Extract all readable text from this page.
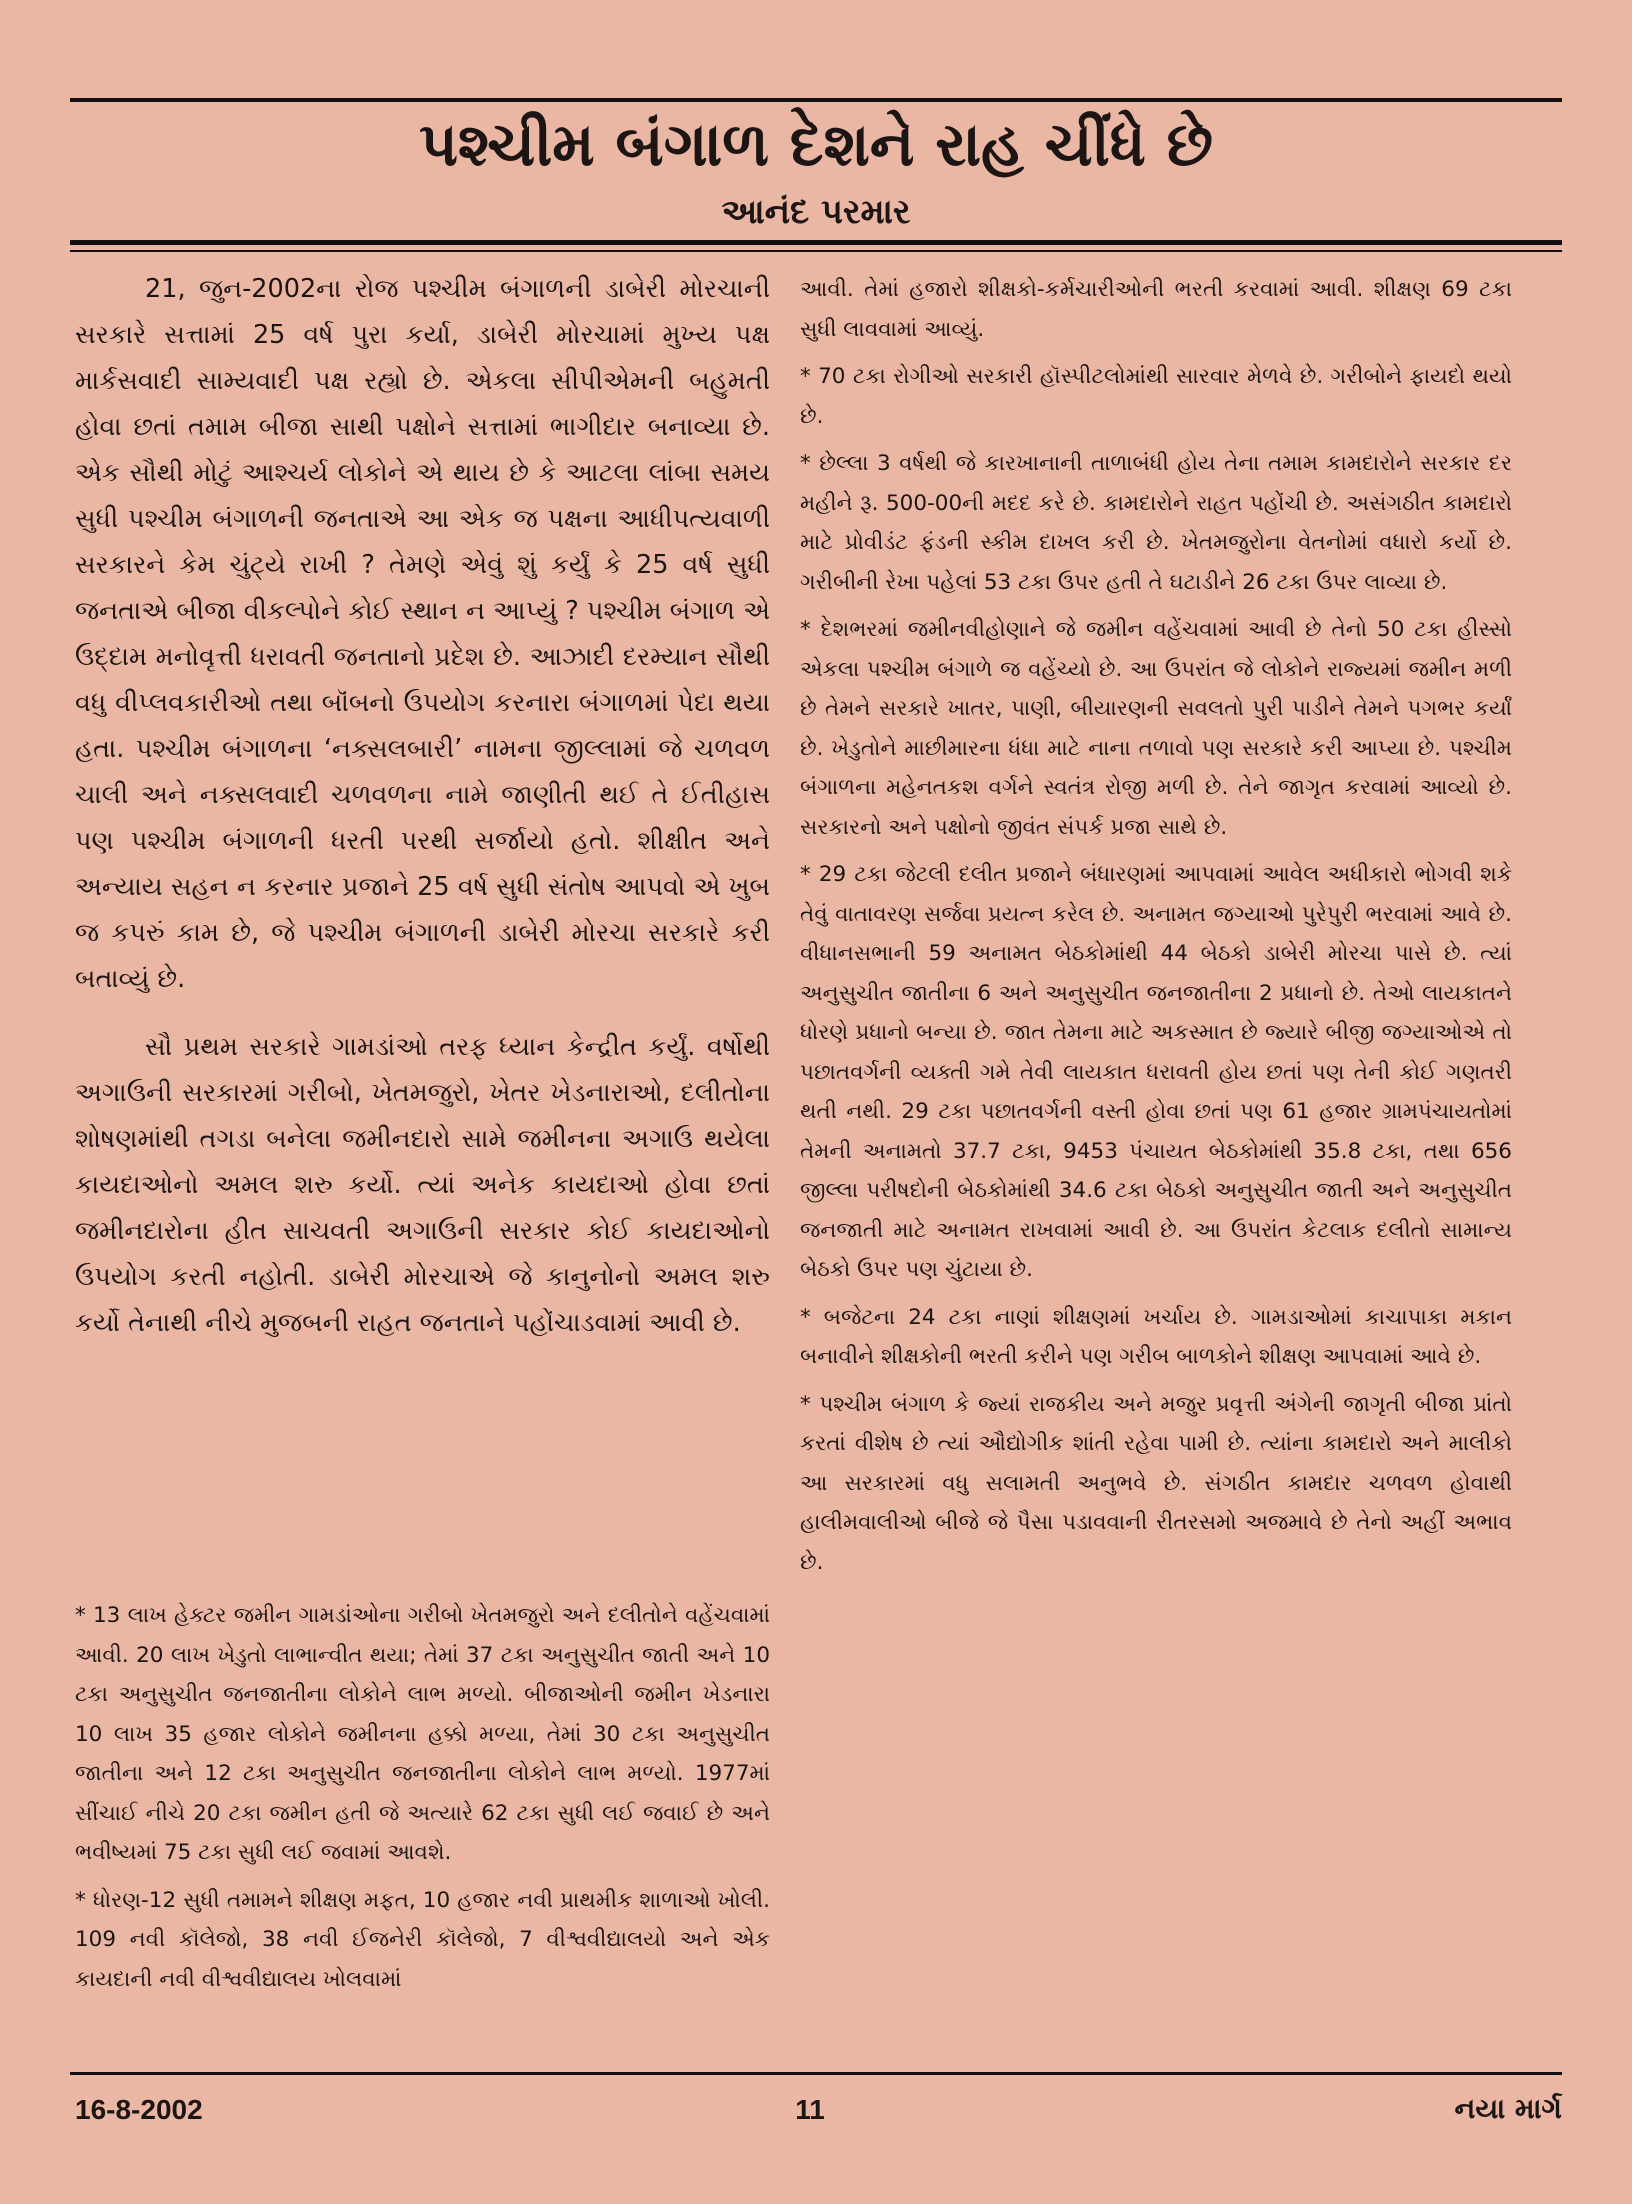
પશ્ચીમ બંગાળ દેશને રાહ ચીંધે છે
આનંદ પરમાર

21, જુન-2002ના રોજ પશ્ચીમ બંગાળની ડાબેરી મોરચાની સરકારે સત્તામાં 25 વર્ષ પુરા કર્યા, ડાબેરી મોરચામાં મુખ્ય પક્ષ માર્કસવાદી સામ્યવાદી પક્ષ રહ્યો છે. એકલા સીપીએમની બહુમતી હોવા છતાં તમામ બીજા સાથી પક્ષોને સત્તામાં ભાગીદાર બનાવ્યા છે. એક સૌથી મોટું આશ્ચર્ય લોકોને એ થાય છે કે આટલા લાંબા સમય સુધી પશ્ચીમ બંગાળની જનતાએ આ એક જ પક્ષના આધીપત્યવાળી સરકારને કેમ ચુંટ્યે રાખી ? તેમણે એવું શું કર્યું કે 25 વર્ષ સુધી જનતાએ બીજા વીકલ્પોને કોઈ સ્થાન ન આપ્યું ? પશ્ચીમ બંગાળ એ ઉદ્દામ મનોવૃત્તી ધરાવતી જનતાનો પ્રદેશ છે. આઝાદી દરમ્યાન સૌથી વધુ વીપ્લવકારીઓ તથા બૉંબનો ઉપયોગ કરનારા બંગાળમાં પેદા થયા હતા. પશ્ચીમ બંગાળના ‘નક્સલબારી’ નામના જીલ્લામાં જે ચળવળ ચાલી અને નક્સલવાદી ચળવળના નામે જાણીતી થઈ તે ઈતીહાસ પણ પશ્ચીમ બંગાળની ધરતી પરથી સર્જાયો હતો. શીક્ષીત અને અન્યાય સહન ન કરનાર પ્રજાને 25 વર્ષ સુધી સંતોષ આપવો એ ખુબ જ કપરું કામ છે, જે પશ્ચીમ બંગાળની ડાબેરી મોરચા સરકારે કરી બતાવ્યું છે.

સૌ પ્રથમ સરકારે ગામડાંઓ તરફ ધ્યાન કેન્દ્રીત કર્યું. વર્ષોથી અગાઉની સરકારમાં ગરીબો, ખેતમજુરો, ખેતર ખેડનારાઓ, દલીતોના શોષણમાંથી તગડા બનેલા જમીનદારો સામે જમીનના અગાઉ થયેલા કાયદાઓનો અમલ શરુ કર્યો. ત્યાં અનેક કાયદાઓ હોવા છતાં જમીનદારોના હીત સાચવતી અગાઉની સરકાર કોઈ કાયદાઓનો ઉપયોગ કરતી નહોતી. ડાબેરી મોરચાએ જે કાનુનોનો અમલ શરુ કર્યો તેનાથી નીચે મુજબની રાહત જનતાને પહોંચાડવામાં આવી છે.

* 13 લાખ હેક્ટર જમીન ગામડાંઓના ગરીબો ખેતમજુરો અને દલીતોને વહેંચવામાં આવી. 20 લાખ ખેડુતો લાભાન્વીત થયા; તેમાં 37 ટકા અનુસુચીત જાતી અને 10 ટકા અનુસુચીત જનજાતીના લોકોને લાભ મળ્યો. બીજાઓની જમીન ખેડનારા 10 લાખ 35 હજાર લોકોને જમીનના હક્કો મળ્યા, તેમાં 30 ટકા અનુસુચીત જાતીના અને 12 ટકા અનુસુચીત જનજાતીના લોકોને લાભ મળ્યો. 1977માં સીંચાઈ નીચે 20 ટકા જમીન હતી જે અત્યારે 62 ટકા સુધી લઈ જવાઈ છે અને ભવીષ્યમાં 75 ટકા સુધી લઈ જવામાં આવશે.

* ધોરણ-12 સુધી તમામને શીક્ષણ મફત, 10 હજાર નવી પ્રાથમીક શાળાઓ ખોલી. 109 નવી કૉલેજો, 38 નવી ઈજનેરી કૉલેજો, 7 વીશ્વવીદ્યાલયો અને એક કાયદાની નવી વીશ્વવીદ્યાલય ખોલવામાં

આવી. તેમાં હજારો શીક્ષકો-કર્મચારીઓની ભરતી કરવામાં આવી. શીક્ષણ 69 ટકા સુધી લાવવામાં આવ્યું.

* 70 ટકા રોગીઓ સરકારી હૉસ્પીટલોમાંથી સારવાર મેળવે છે. ગરીબોને ફાયદો થયો છે.

* છેલ્લા 3 વર્ષથી જે કારખાનાની તાળાબંધી હોય તેના તમામ કામદારોને સરકાર દર મહીને રૂ. 500-00ની મદદ કરે છે. કામદારોને રાહત પહોંચી છે. અસંગઠીત કામદારો માટે પ્રોવીડંટ ફંડની સ્કીમ દાખલ કરી છે. ખેતમજુરોના વેતનોમાં વધારો કર્યો છે. ગરીબીની રેખા પહેલાં 53 ટકા ઉપર હતી તે ઘટાડીને 26 ટકા ઉપર લાવ્યા છે.

* દેશભરમાં જમીનવીહોણાને જે જમીન વહેંચવામાં આવી છે તેનો 50 ટકા હીસ્સો એકલા પશ્ચીમ બંગાળે જ વહેંચ્યો છે. આ ઉપરાંત જે લોકોને રાજ્યમાં જમીન મળી છે તેમને સરકારે ખાતર, પાણી, બીયારણની સવલતો પુરી પાડીને તેમને પગભર કર્યાં છે. ખેડુતોને માછીમારના ધંધા માટે નાના તળાવો પણ સરકારે કરી આપ્યા છે. પશ્ચીમ બંગાળના મહેનતકશ વર્ગને સ્વતંત્ર રોજી મળી છે. તેને જાગૃત કરવામાં આવ્યો છે. સરકારનો અને પક્ષોનો જીવંત સંપર્ક પ્રજા સાથે છે.

* 29 ટકા જેટલી દલીત પ્રજાને બંધારણમાં આપવામાં આવેલ અધીકારો ભોગવી શકે તેવું વાતાવરણ સર્જવા પ્રયત્ન કરેલ છે. અનામત જગ્યાઓ પુરેપુરી ભરવામાં આવે છે. વીધાનસભાની 59 અનામત બેઠકોમાંથી 44 બેઠકો ડાબેરી મોરચા પાસે છે. ત્યાં અનુસુચીત જાતીના 6 અને અનુસુચીત જનજાતીના 2 પ્રધાનો છે. તેઓ લાયકાતને ધોરણે પ્રધાનો બન્યા છે. જાત તેમના માટે અકસ્માત છે જ્યારે બીજી જગ્યાઓએ તો પછાતવર્ગની વ્યક્તી ગમે તેવી લાયકાત ધરાવતી હોય છતાં પણ તેની કોઈ ગણતરી થતી નથી. 29 ટકા પછાતવર્ગની વસ્તી હોવા છતાં પણ 61 હજાર ગ્રામપંચાયતોમાં તેમની અનામતો 37.7 ટકા, 9453 પંચાયત બેઠકોમાંથી 35.8 ટકા, તથા 656 જીલ્લા પરીષદોની બેઠકોમાંથી 34.6 ટકા બેઠકો અનુસુચીત જાતી અને અનુસુચીત જનજાતી માટે અનામત રાખવામાં આવી છે. આ ઉપરાંત કેટલાક દલીતો સામાન્ય બેઠકો ઉપર પણ ચુંટાયા છે.

* બજેટના 24 ટકા નાણાં શીક્ષણમાં ખર્ચાય છે. ગામડાઓમાં કાચાપાકા મકાન બનાવીને શીક્ષકોની ભરતી કરીને પણ ગરીબ બાળકોને શીક્ષણ આપવામાં આવે છે.

* પશ્ચીમ બંગાળ કે જ્યાં રાજકીય અને મજુર પ્રવૃત્તી અંગેની જાગૃતી બીજા પ્રાંતો કરતાં વીશેષ છે ત્યાં ઔદ્યોગીક શાંતી રહેવા પામી છે. ત્યાંના કામદારો અને માલીકો આ સરકારમાં વધુ સલામતી અનુભવે છે. સંગઠીત કામદાર ચળવળ હોવાથી હાલીમવાલીઓ બીજે જે પૈસા પડાવવાની રીતરસમો અજમાવે છે તેનો અહીં અભાવ છે.

16-8-2002	11	નયા માર્ગ
